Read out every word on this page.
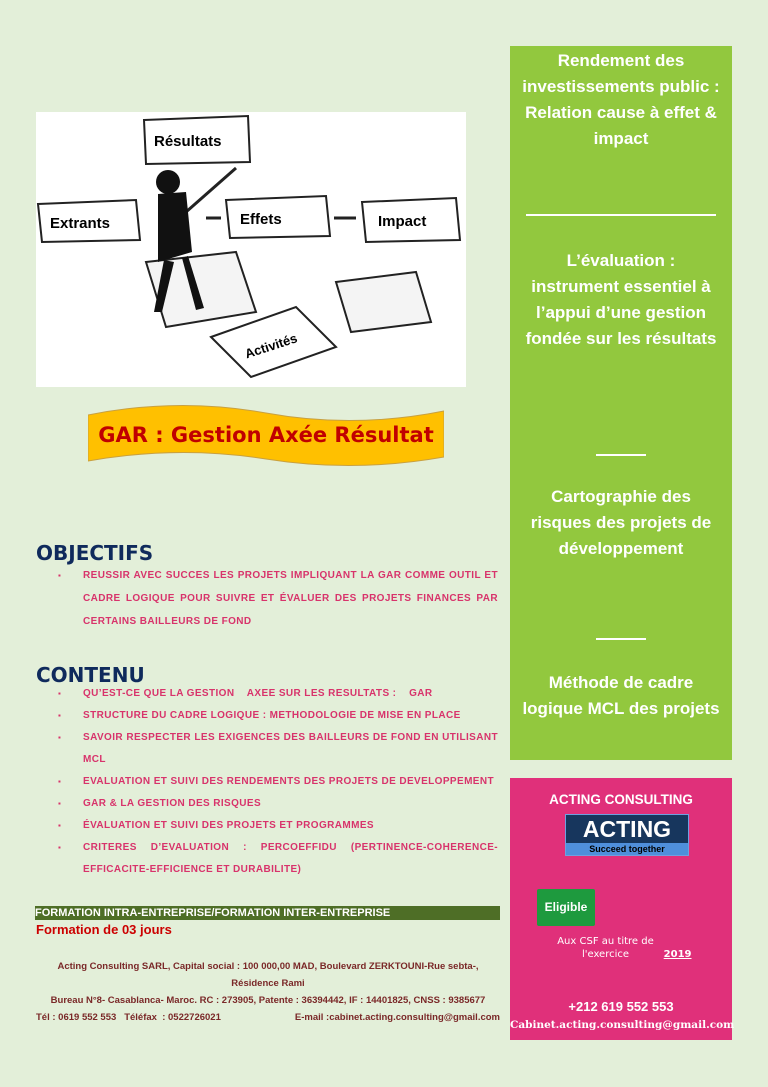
Résultats
Extrants	Effets	Impact
Activités
GAR : Gestion Axée Résultat
OBJECTIFS
▪ REUSSIR AVEC SUCCES LES PROJETS IMPLIQUANT LA GAR COMME OUTIL ET CADRE LOGIQUE POUR SUIVRE ET ÉVALUER DES PROJETS FINANCES PAR CERTAINS BAILLEURS DE FOND
CONTENU
▪ QU’EST-CE QUE LA GESTION    AXEE SUR LES RESULTATS :    GAR
▪ STRUCTURE DU CADRE LOGIQUE : METHODOLOGIE DE MISE EN PLACE
▪ SAVOIR RESPECTER LES EXIGENCES DES BAILLEURS DE FOND EN UTILISANT MCL
▪ EVALUATION ET SUIVI DES RENDEMENTS DES PROJETS DE DEVELOPPEMENT
▪ GAR & LA GESTION DES RISQUES
▪ ÉVALUATION ET SUIVI DES PROJETS ET PROGRAMMES
▪ CRITERES D’EVALUATION : PERCOEFFIDU (PERTINENCE-COHERENCE-EFFICACITE-EFFICIENCE ET DURABILITE)
FORMATION INTRA-ENTREPRISE/FORMATION INTER-ENTREPRISE
Formation de 03 jours
Acting Consulting SARL, Capital social : 100 000,00 MAD, Boulevard ZERKTOUNI-Rue sebta-, Résidence Rami
Bureau N°8- Casablanca- Maroc. RC : 273905, Patente : 36394442, IF : 14401825, CNSS : 9385677
Tél : 0619 552 553   Téléfax  : 0522726021	E-mail :cabinet.acting.consulting@gmail.com
Rendement des investissements public : Relation cause à effet & impact
L’évaluation : instrument essentiel à l’appui d’une gestion fondée sur les résultats
Cartographie des risques des projets de développement
Méthode de cadre logique MCL des projets
ACTING CONSULTING
ACTING
Succeed together
Eligible
Aux CSF au titre de l'exercice	2019
+212 619 552 553
Cabinet.acting.consulting@gmail.com
